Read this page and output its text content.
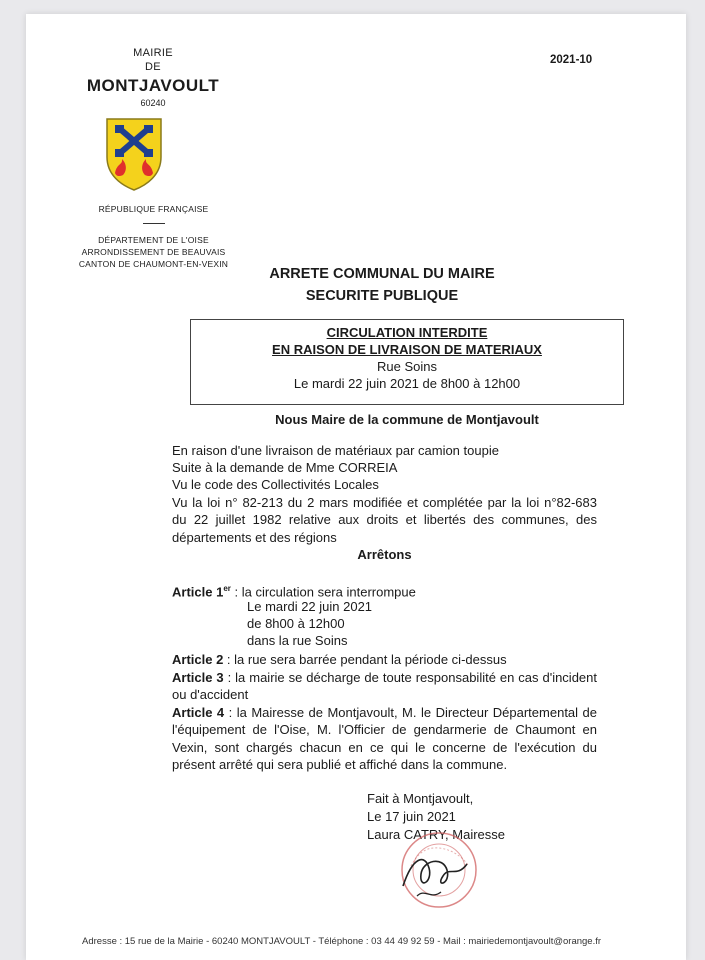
MAIRIE
DE
MONTJAVOULT
60240
RÉPUBLIQUE FRANÇAISE
DÉPARTEMENT DE L'OISE
ARRONDISSEMENT DE BEAUVAIS
CANTON DE CHAUMONT-EN-VEXIN
2021-10
ARRETE COMMUNAL DU MAIRE
SECURITE PUBLIQUE
CIRCULATION INTERDITE
EN RAISON DE LIVRAISON DE MATERIAUX
Rue Soins
Le mardi 22 juin 2021 de 8h00 à 12h00
Nous Maire de la commune de Montjavoult
En raison d'une livraison de matériaux par camion toupie
Suite à la demande de Mme CORREIA
Vu le code des Collectivités Locales
Vu la loi n° 82-213 du 2 mars modifiée et complétée par la loi n°82-683 du 22 juillet 1982 relative aux droits et libertés des communes, des départements et des régions
Arrêtons
Article 1er : la circulation sera interrompue
Le mardi 22 juin 2021
de 8h00 à 12h00
dans la rue Soins
Article 2 : la rue sera barrée pendant la période ci-dessus
Article 3 : la mairie se décharge de toute responsabilité en cas d'incident ou d'accident
Article 4 : la Mairesse de Montjavoult, M. le Directeur Départemental de l'équipement de l'Oise, M. l'Officier de gendarmerie de Chaumont en Vexin, sont chargés chacun en ce qui le concerne de l'exécution du présent arrêté qui sera publié et affiché dans la commune.
Fait à Montjavoult,
Le 17 juin 2021
Laura CATRY, Mairesse
Adresse : 15 rue de la Mairie - 60240 MONTJAVOULT - Téléphone : 03 44 49 92 59 - Mail : mairiedemontjavoult@orange.fr
